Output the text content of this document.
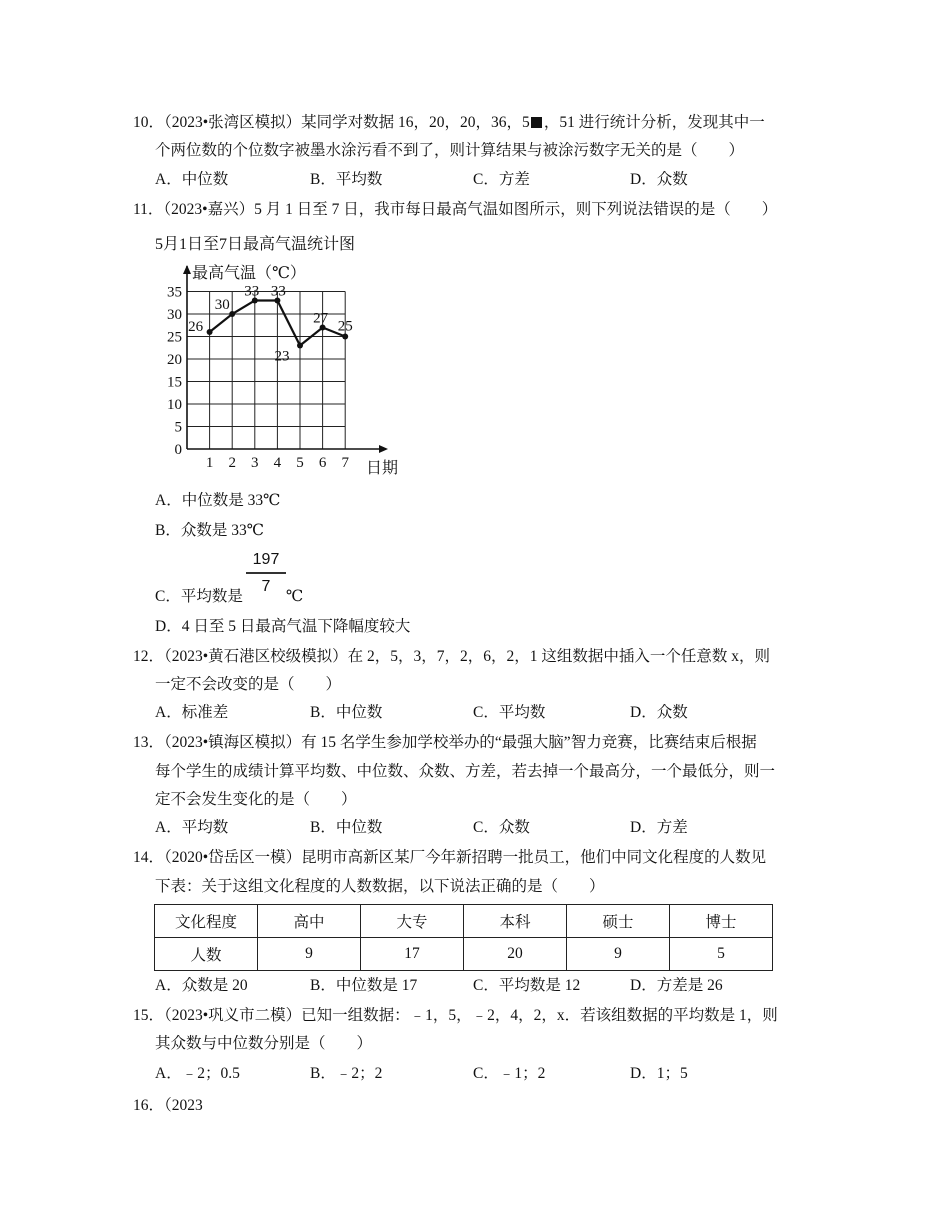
10．（2023•张湾区模拟）某同学对数据 16，20，20，36，5 ，51 进行统计分析，发现其中一
个两位数的个位数字被墨水涂污看不到了，则计算结果与被涂污数字无关的是（　　）
A．中位数	B．平均数	C．方差	D．众数
11．（2023•嘉兴）5 月 1 日至 7 日，我市每日最高气温如图所示，则下列说法错误的是（　　）
5月1日至7日最高气温统计图
最高气温（℃）
日期
0
5
10
15
20
25
30
35
1 2 3 4 5 6 7
26
30
33 33
23
27 25
A．中位数是 33℃
B．众数是 33℃
C．平均数是
197
7
℃
D．4 日至 5 日最高气温下降幅度较大
12．（2023•黄石港区校级模拟）在 2，5，3，7，2，6，2，1 这组数据中插入一个任意数 x，则
一定不会改变的是（　　）
A．标准差	B．中位数	C．平均数	D．众数
13．（2023•镇海区模拟）有 15 名学生参加学校举办的“最强大脑”智力竞赛，比赛结束后根据
每个学生的成绩计算平均数、中位数、众数、方差，若去掉一个最高分，一个最低分，则一
定不会发生变化的是（　　）
A．平均数	B．中位数	C．众数	D．方差
14．（2020•岱岳区一模）昆明市高新区某厂今年新招聘一批员工，他们中同文化程度的人数见
下表：关于这组文化程度的人数数据，以下说法正确的是（　　）
文化程度	高中	大专	本科	硕士	博士
人数	9	17	20	9	5
A．众数是 20	B．中位数是 17	C．平均数是 12	D．方差是 26
15．（2023•巩义市二模）已知一组数据：﹣1，5，﹣2，4，2，x．若该组数据的平均数是 1，则
其众数与中位数分别是（　　）
A．﹣2；0.5	B．﹣2；2	C．﹣1；2	D．1；5
16．（2023
